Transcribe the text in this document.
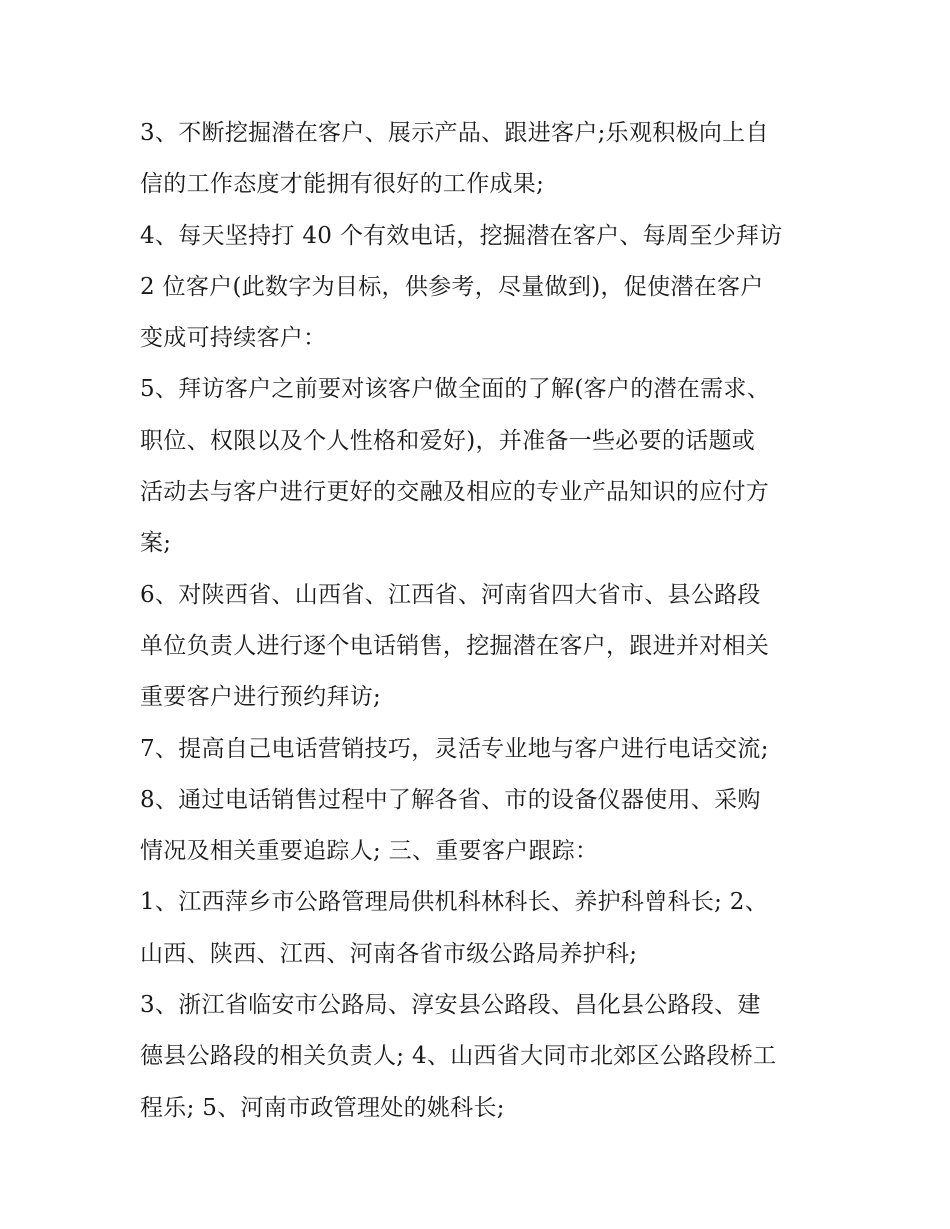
3、不断挖掘潜在客户、展示产品、跟进客户;乐观积极向上自
信的工作态度才能拥有很好的工作成果;
4、每天坚持打 40 个有效电话，挖掘潜在客户、每周至少拜访
2 位客户(此数字为目标，供参考，尽量做到)，促使潜在客户
变成可持续客户：
5、拜访客户之前要对该客户做全面的了解(客户的潜在需求、
职位、权限以及个人性格和爱好)，并准备一些必要的话题或
活动去与客户进行更好的交融及相应的专业产品知识的应付方
案;
6、对陕西省、山西省、江西省、河南省四大省市、县公路段
单位负责人进行逐个电话销售，挖掘潜在客户，跟进并对相关
重要客户进行预约拜访;
7、提高自己电话营销技巧，灵活专业地与客户进行电话交流;
8、通过电话销售过程中了解各省、市的设备仪器使用、采购
情况及相关重要追踪人; 三、重要客户跟踪：
1、江西萍乡市公路管理局供机科林科长、养护科曾科长; 2、
山西、陕西、江西、河南各省市级公路局养护科;
3、浙江省临安市公路局、淳安县公路段、昌化县公路段、建
德县公路段的相关负责人; 4、山西省大同市北郊区公路段桥工
程乐; 5、河南市政管理处的姚科长;
